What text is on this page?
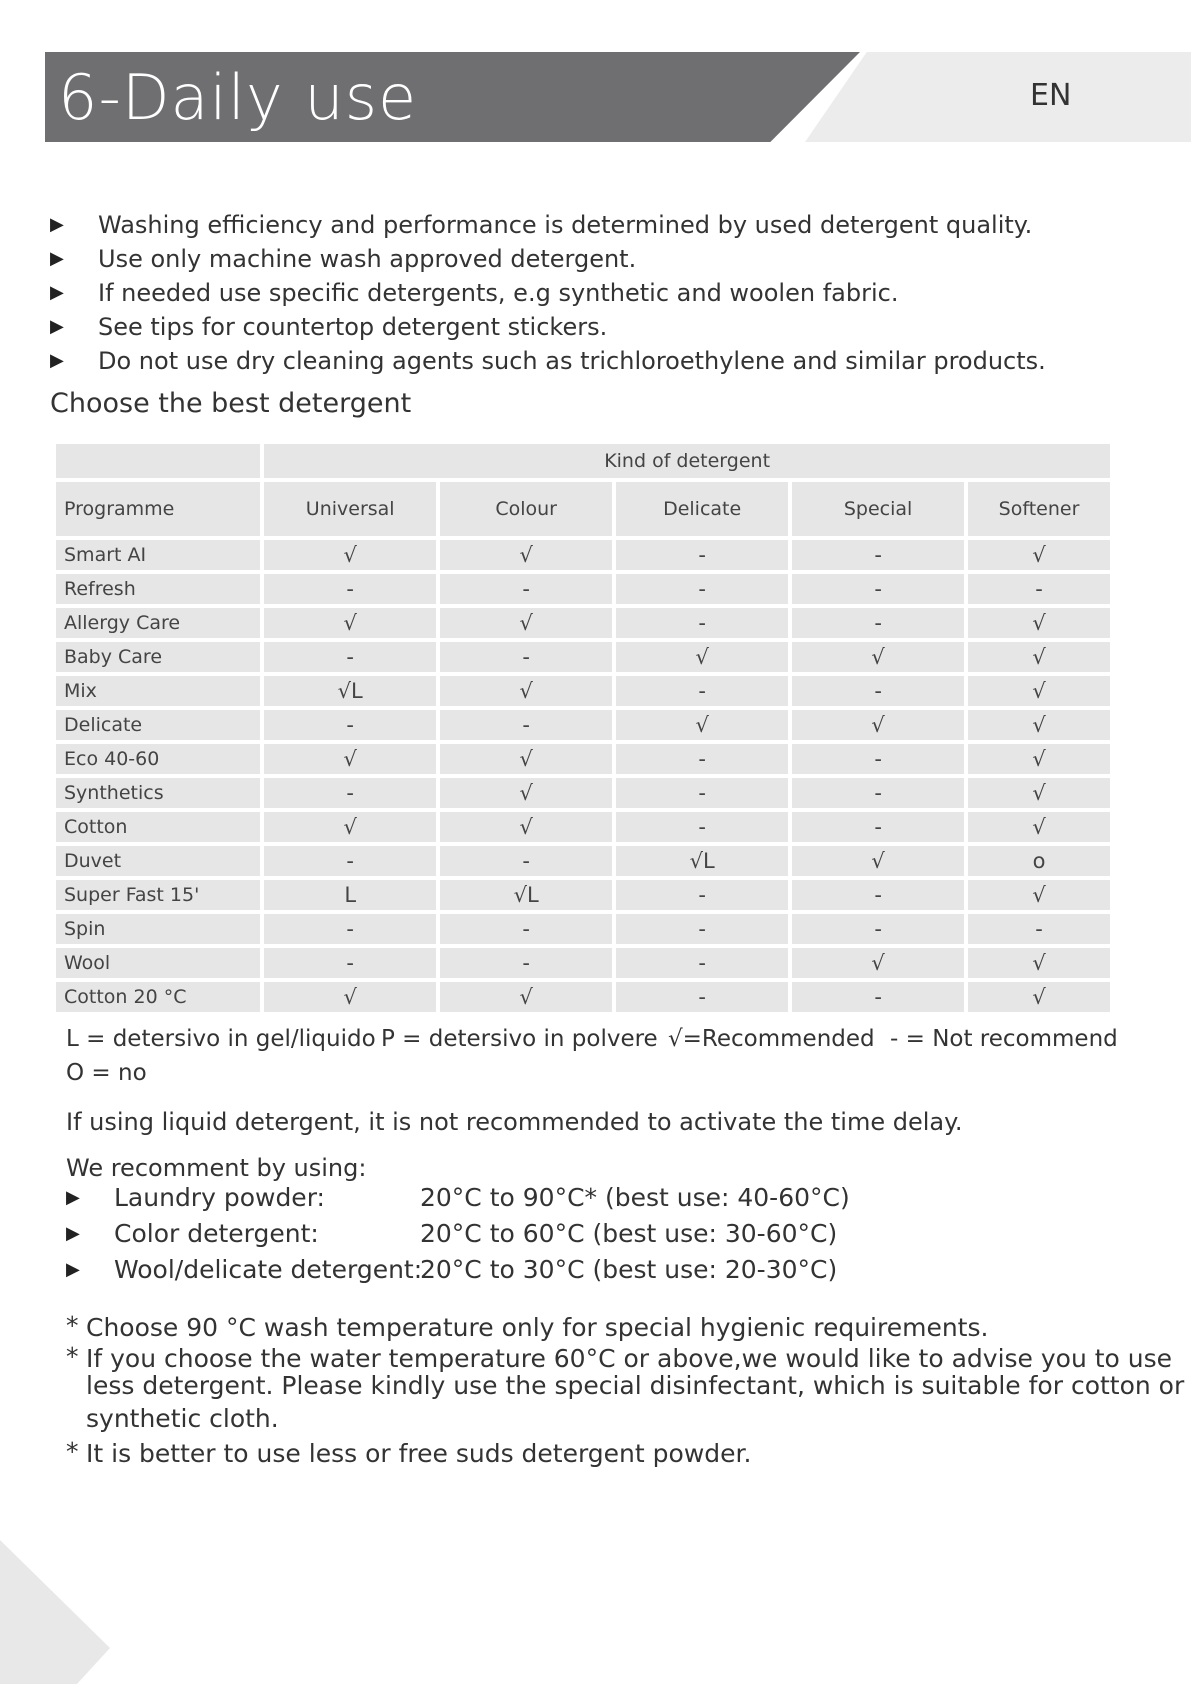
6-Daily use	EN
▶ Washing efficiency and performance is determined by used detergent quality.
▶ Use only machine wash approved detergent.
▶ If needed use specific detergents, e.g synthetic and woolen fabric.
▶ See tips for countertop detergent stickers.
▶ Do not use dry cleaning agents such as trichloroethylene and similar products.
Choose the best detergent
	Kind of detergent				
Programme	Universal	Colour	Delicate	Special	Softener
Smart AI	√	√	-	-	√
Refresh	-	-	-	-	-
Allergy Care	√	√	-	-	√
Baby Care	-	-	√	√	√
Mix	√L	√	-	-	√
Delicate	-	-	√	√	√
Eco 40-60	√	√	-	-	√
Synthetics	-	√	-	-	√
Cotton	√	√	-	-	√
Duvet	-	-	√L	√	o
Super Fast 15'	L	√L	-	-	√
Spin	-	-	-	-	-
Wool	-	-	-	√	√
Cotton 20 °C	√	√	-	-	√
L = detersivo in gel/liquido P = detersivo in polvere √=Recommended - = Not recommend
O = no
If using liquid detergent, it is not recommended to activate the time delay.
We recomment by using:
▶ Laundry powder:	20°C to 90°C* (best use: 40-60°C)
▶ Color detergent:	20°C to 60°C (best use: 30-60°C)
▶ Wool/delicate detergent:
20°C to 30°C (best use: 20-30°C)
* Choose 90 °C wash temperature only for special hygienic requirements.
* If you choose the water temperature 60°C or above,we would like to advise you to use
less detergent. Please kindly use the special disinfectant, which is suitable for cotton or
synthetic cloth.
* It is better to use less or free suds detergent powder.
